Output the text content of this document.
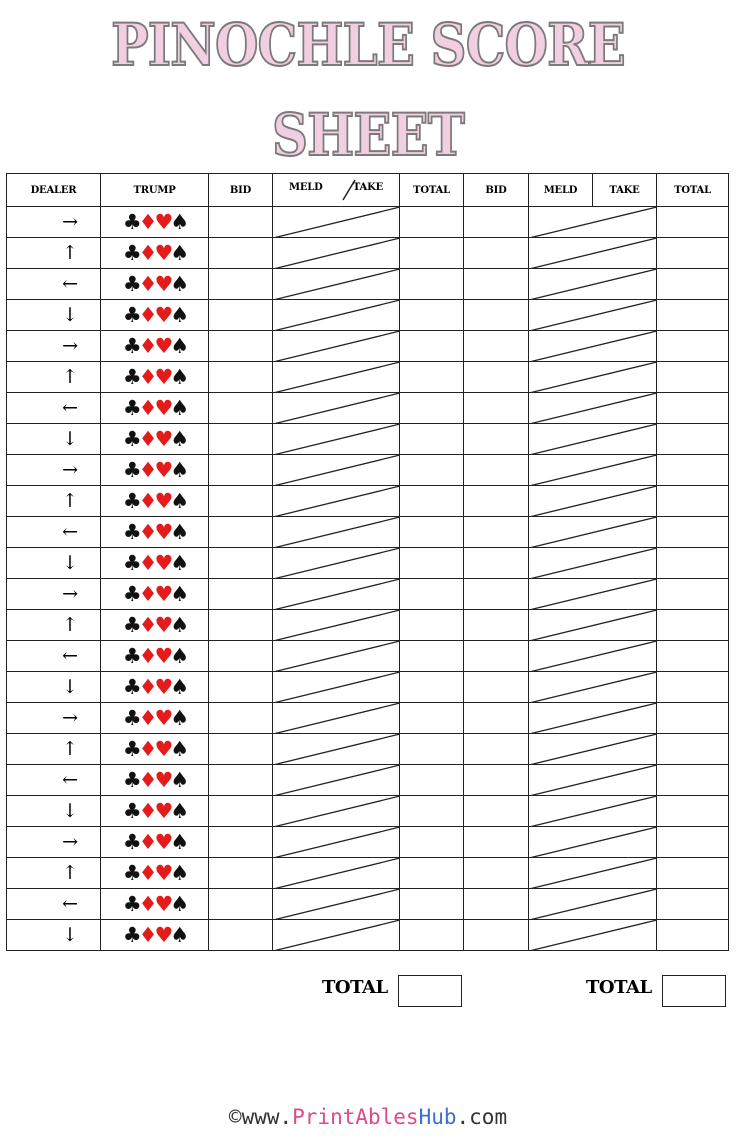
PINOCHLE SCORE SHEET
DEALER	TRUMP	BID	MELD TAKE	TOTAL	BID	MELD	TAKE	TOTAL
→	♣♦♥♠		

↑	♣♦♥♠		

←	♣♦♥♠		

↓	♣♦♥♠		

→	♣♦♥♠		

↑	♣♦♥♠		

←	♣♦♥♠		

↓	♣♦♥♠		

→	♣♦♥♠		

↑	♣♦♥♠		

←	♣♦♥♠		

↓	♣♦♥♠		

→	♣♦♥♠		

↑	♣♦♥♠		

←	♣♦♥♠		

↓	♣♦♥♠		

→	♣♦♥♠		

↑	♣♦♥♠		

←	♣♦♥♠		

↓	♣♦♥♠		

→	♣♦♥♠		

↑	♣♦♥♠		

←	♣♦♥♠		

↓	♣♦♥♠		

TOTAL	TOTAL
©www.PrintAblesHub.com
